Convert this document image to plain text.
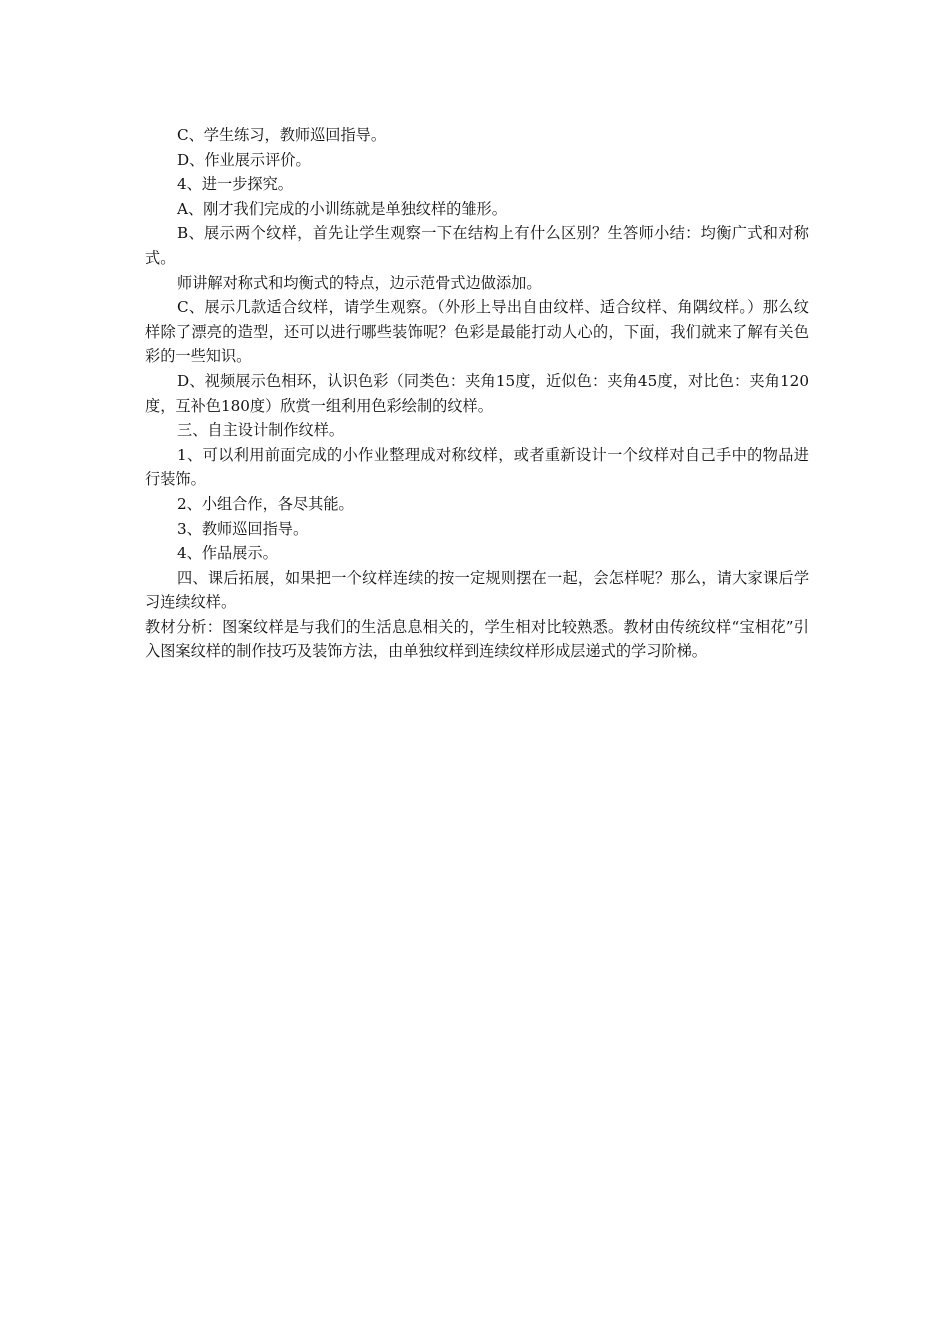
C、学生练习，教师巡回指导。

D、作业展示评价。

4、进一步探究。

A、刚才我们完成的小训练就是单独纹样的雏形。

B、展示两个纹样，首先让学生观察一下在结构上有什么区别？生答师小结：均衡广式和对称式。

师讲解对称式和均衡式的特点，边示范骨式边做添加。

C、展示几款适合纹样，请学生观察。（外形上导出自由纹样、适合纹样、角隅纹样。）那么纹样除了漂亮的造型，还可以进行哪些装饰呢？色彩是最能打动人心的，下面，我们就来了解有关色彩的一些知识。

D、视频展示色相环，认识色彩（同类色：夹角15度，近似色：夹角45度，对比色：夹角120度，互补色180度）欣赏一组利用色彩绘制的纹样。

三、自主设计制作纹样。

1、可以利用前面完成的小作业整理成对称纹样，或者重新设计一个纹样对自己手中的物品进行装饰。

2、小组合作，各尽其能。

3、教师巡回指导。

4、作品展示。

四、课后拓展，如果把一个纹样连续的按一定规则摆在一起，会怎样呢？那么，请大家课后学习连续纹样。

教材分析：图案纹样是与我们的生活息息相关的，学生相对比较熟悉。教材由传统纹样“宝相花”引入图案纹样的制作技巧及装饰方法，由单独纹样到连续纹样形成层递式的学习阶梯。
